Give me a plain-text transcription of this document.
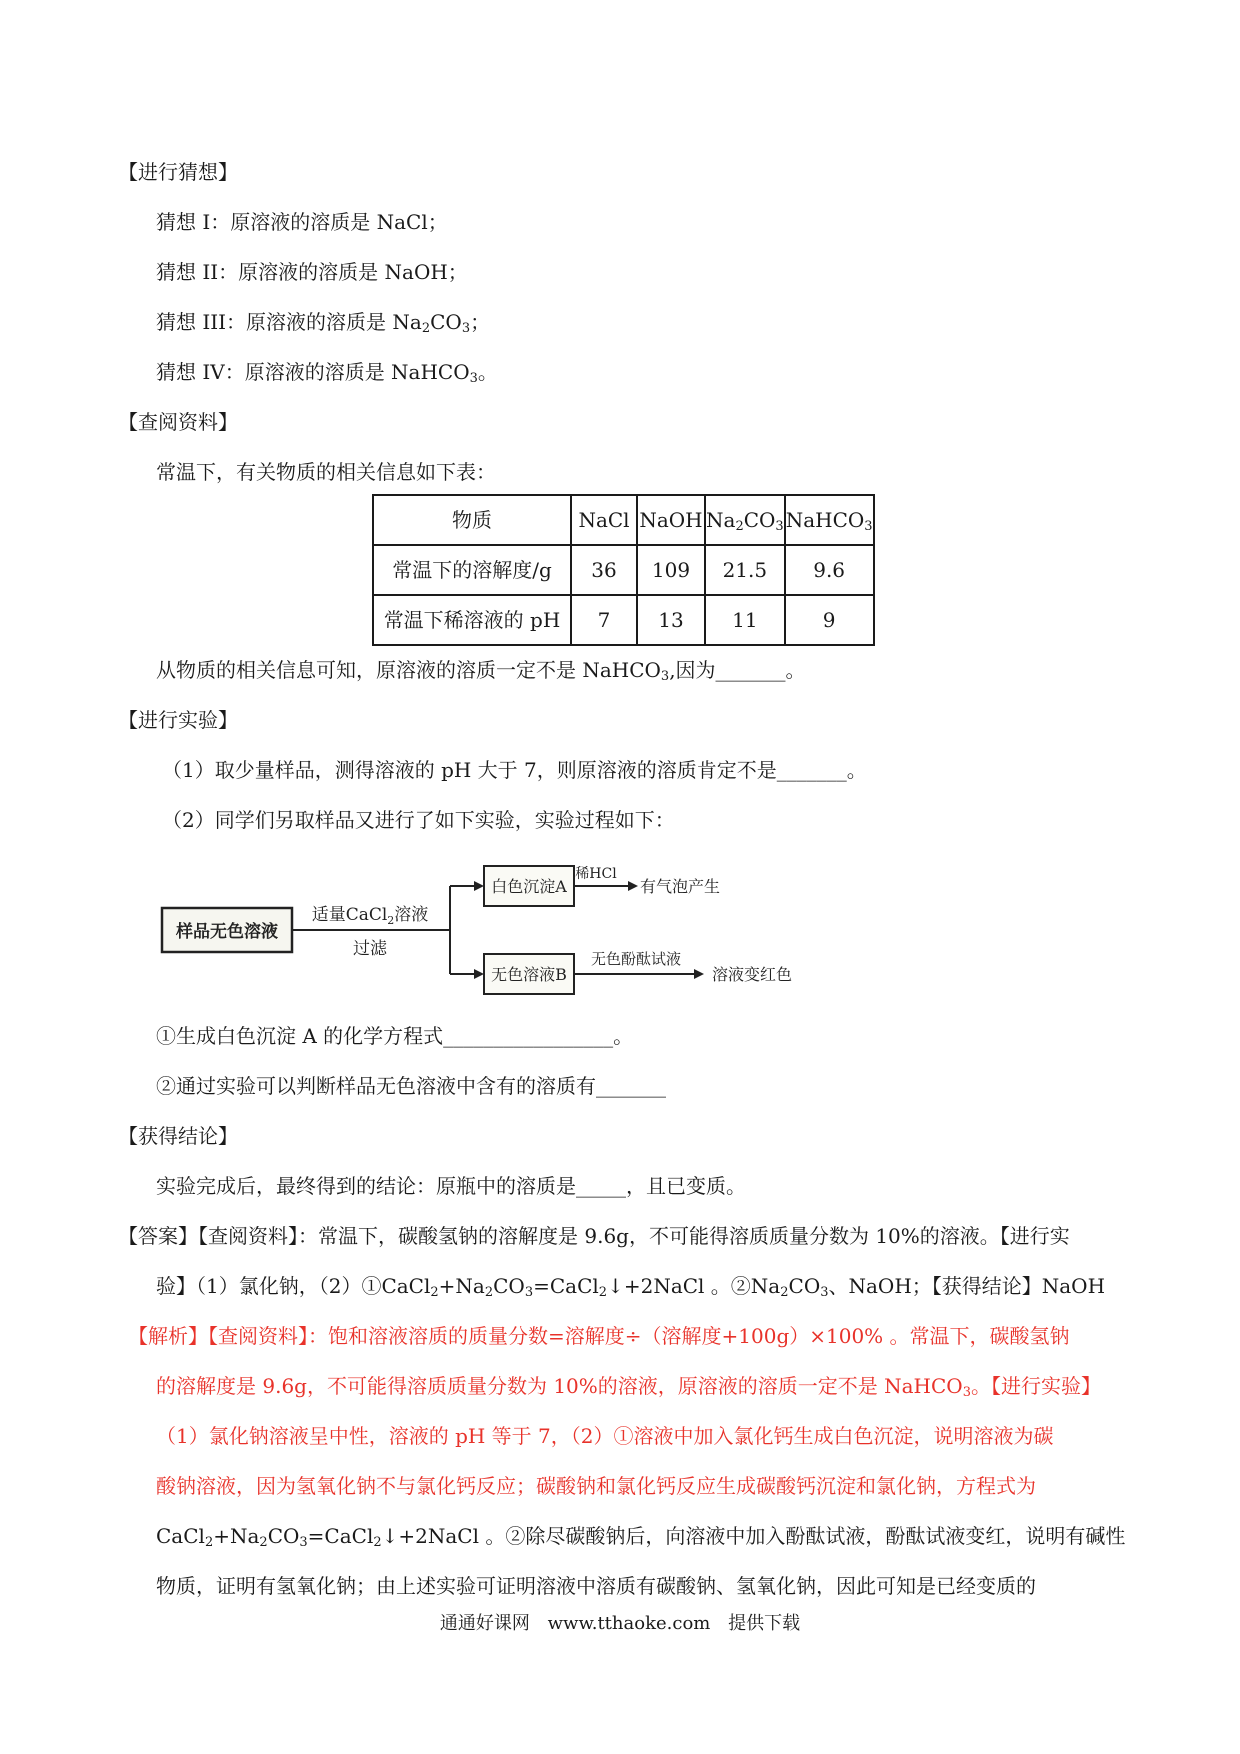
【进行猜想】
猜想 I：原溶液的溶质是 NaCl；
猜想 II：原溶液的溶质是 NaOH；
猜想 III：原溶液的溶质是 $Na_2CO_3$；
猜想 IV：原溶液的溶质是 NaHCO$_3$。
【查阅资料】
常温下，有关物质的相关信息如下表：
物质	NaCl	NaOH	$Na_2CO_3$	NaHCO$_3$
常温下的溶解度/g	36	109	21.5	9.6
常温下稀溶液的 pH	7	13	11	9
从物质的相关信息可知，原溶液的溶质一定不是 NaHCO$_3$,因为_______。
【进行实验】
（1）取少量样品，测得溶液的 pH 大于 7，则原溶液的溶质肯定不是_______。
（2）同学们另取样品又进行了如下实验，实验过程如下：
样品无色溶液
适量CaCl$_2$溶液
过滤
白色沉淀A
稀HCl
有气泡产生
无色溶液B
无色酚酞试液
溶液变红色
①生成白色沉淀 A 的化学方程式_________________。
②通过实验可以判断样品无色溶液中含有的溶质有_______
【获得结论】
实验完成后，最终得到的结论：原瓶中的溶质是_____，且已变质。
【答案】【查阅资料】：常温下，碳酸氢钠的溶解度是 9.6g，不可能得溶质质量分数为 10%的溶液。【进行实
验】（1）氯化钠，$(2)①CaCl_2+Na_2CO_3=CaCl_2↓+2NaCl$ 。$②Na_2CO_3$、NaOH；【获得结论】NaOH
【解析】【查阅资料】：饱和溶液溶质的质量分数=溶解度÷（溶解度+100g）×100% 。常温下，碳酸氢钠
的溶解度是 9.6g，不可能得溶质质量分数为 10%的溶液，原溶液的溶质一定不是 NaHCO$_3$。【进行实验】
（1）氯化钠溶液呈中性，溶液的 pH 等于 7，（2）①溶液中加入氯化钙生成白色沉淀，说明溶液为碳
酸钠溶液，因为氢氧化钠不与氯化钙反应；碳酸钠和氯化钙反应生成碳酸钙沉淀和氯化钠，方程式为
$CaCl_2+Na_2CO_3=CaCl_2↓+2NaCl$ 。②除尽碳酸钠后，向溶液中加入酚酞试液，酚酞试液变红，说明有碱性
物质，证明有氢氧化钠；由上述实验可证明溶液中溶质有碳酸钠、氢氧化钠，因此可知是已经变质的
通通好课网 www.tthaoke.com 提供下载
